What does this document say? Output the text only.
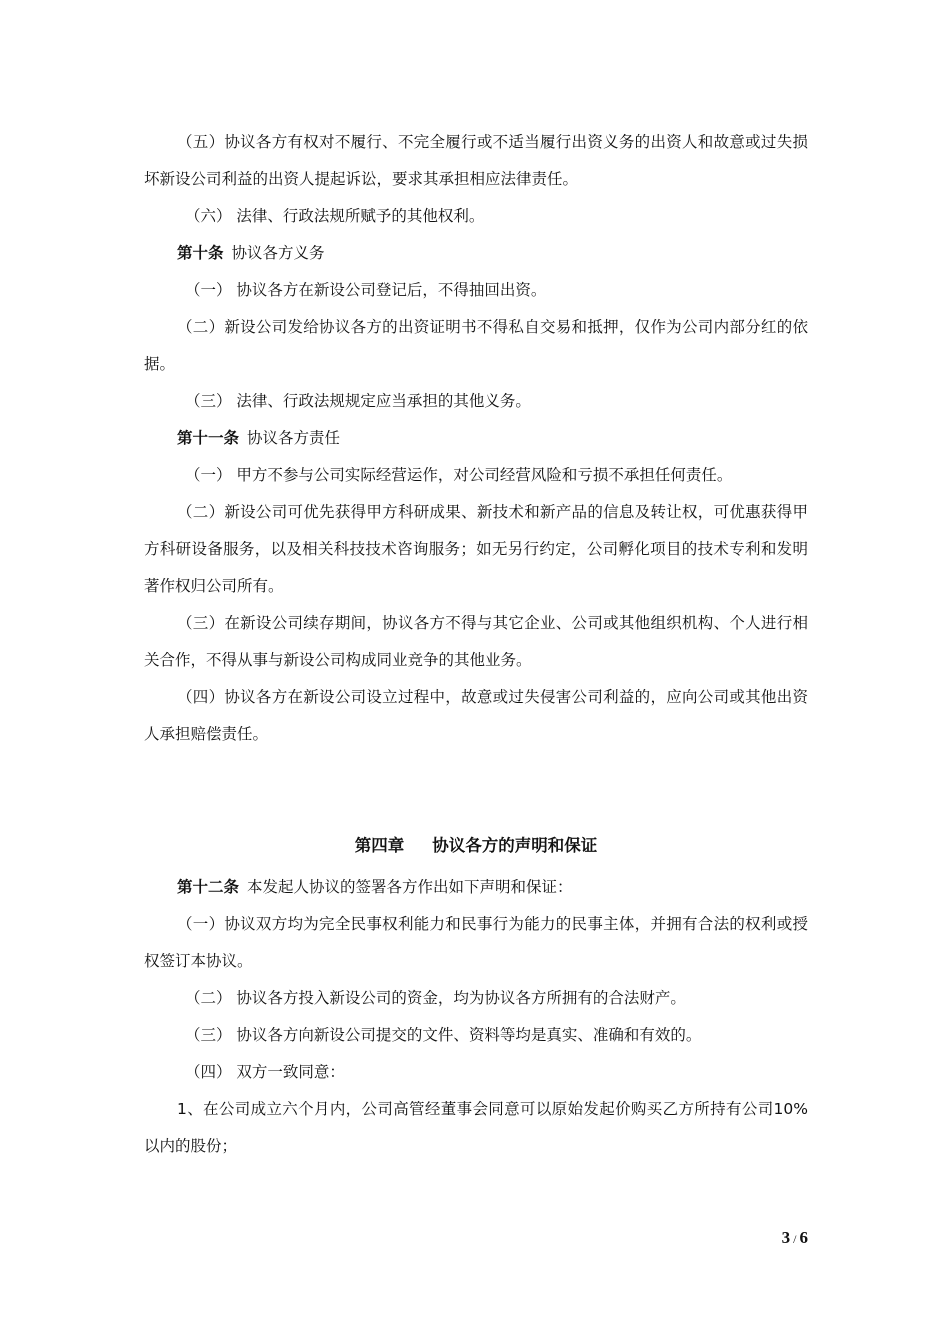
（五）协议各方有权对不履行、不完全履行或不适当履行出资义务的出资人和故意或过失损坏新设公司利益的出资人提起诉讼，要求其承担相应法律责任。

（六） 法律、行政法规所赋予的其他权利。

第十条 协议各方义务

（一） 协议各方在新设公司登记后，不得抽回出资。

（二）新设公司发给协议各方的出资证明书不得私自交易和抵押，仅作为公司内部分红的依据。

（三） 法律、行政法规规定应当承担的其他义务。

第十一条 协议各方责任

（一） 甲方不参与公司实际经营运作，对公司经营风险和亏损不承担任何责任。

（二）新设公司可优先获得甲方科研成果、新技术和新产品的信息及转让权，可优惠获得甲方科研设备服务，以及相关科技技术咨询服务；如无另行约定，公司孵化项目的技术专利和发明著作权归公司所有。

（三）在新设公司续存期间，协议各方不得与其它企业、公司或其他组织机构、个人进行相关合作，不得从事与新设公司构成同业竞争的其他业务。

（四）协议各方在新设公司设立过程中，故意或过失侵害公司利益的，应向公司或其他出资人承担赔偿责任。

第四章 协议各方的声明和保证

第十二条 本发起人协议的签署各方作出如下声明和保证：

（一）协议双方均为完全民事权利能力和民事行为能力的民事主体，并拥有合法的权利或授权签订本协议。

（二） 协议各方投入新设公司的资金，均为协议各方所拥有的合法财产。

（三） 协议各方向新设公司提交的文件、资料等均是真实、准确和有效的。

（四） 双方一致同意：

1、在公司成立六个月内，公司高管经董事会同意可以原始发起价购买乙方所持有公司10%以内的股份；

3 / 6
